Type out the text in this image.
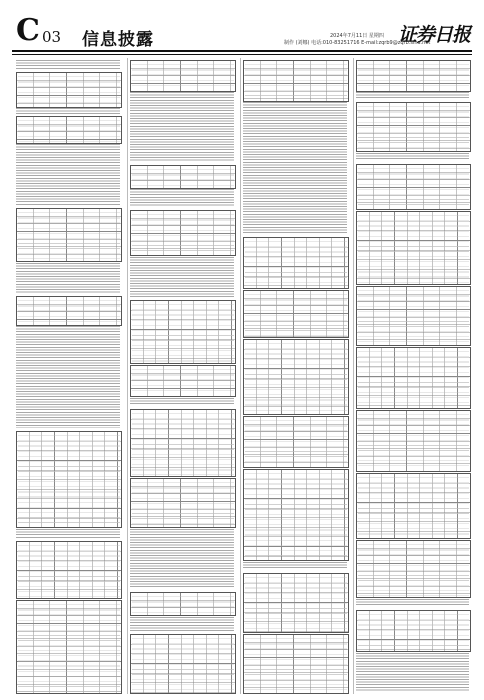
C 03 信息披露	2024年7月11日 星期四
制作 (刘娜) 电话:010-83251716 E-mail:zqrb9@zqrb.sina.net
证券日报
